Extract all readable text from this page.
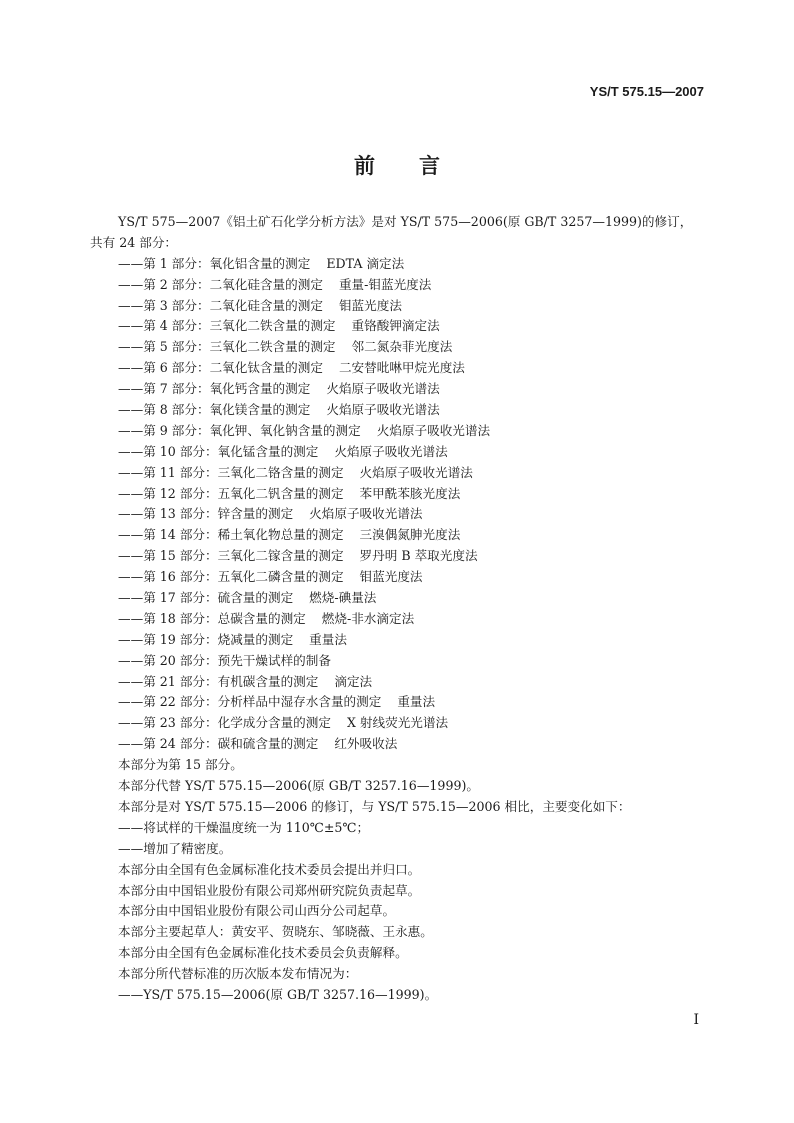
YS/T 575.15—2007
前 言
YS/T 575—2007《铝土矿石化学分析方法》是对 YS/T 575—2006(原 GB/T 3257—1999)的修订，
共有 24 部分：
——第 1 部分：氧化铝含量的测定 EDTA 滴定法
——第 2 部分：二氧化硅含量的测定 重量-钼蓝光度法
——第 3 部分：二氧化硅含量的测定 钼蓝光度法
——第 4 部分：三氧化二铁含量的测定 重铬酸钾滴定法
——第 5 部分：三氧化二铁含量的测定 邻二氮杂菲光度法
——第 6 部分：二氧化钛含量的测定 二安替吡啉甲烷光度法
——第 7 部分：氧化钙含量的测定 火焰原子吸收光谱法
——第 8 部分：氧化镁含量的测定 火焰原子吸收光谱法
——第 9 部分：氧化钾、氧化钠含量的测定 火焰原子吸收光谱法
——第 10 部分：氧化锰含量的测定 火焰原子吸收光谱法
——第 11 部分：三氧化二铬含量的测定 火焰原子吸收光谱法
——第 12 部分：五氧化二钒含量的测定 苯甲酰苯胲光度法
——第 13 部分：锌含量的测定 火焰原子吸收光谱法
——第 14 部分：稀土氧化物总量的测定 三溴偶氮胂光度法
——第 15 部分：三氧化二镓含量的测定 罗丹明 B 萃取光度法
——第 16 部分：五氧化二磷含量的测定 钼蓝光度法
——第 17 部分：硫含量的测定 燃烧-碘量法
——第 18 部分：总碳含量的测定 燃烧-非水滴定法
——第 19 部分：烧减量的测定 重量法
——第 20 部分：预先干燥试样的制备
——第 21 部分：有机碳含量的测定 滴定法
——第 22 部分：分析样品中湿存水含量的测定 重量法
——第 23 部分：化学成分含量的测定 X 射线荧光光谱法
——第 24 部分：碳和硫含量的测定 红外吸收法
本部分为第 15 部分。
本部分代替 YS/T 575.15—2006(原 GB/T 3257.16—1999)。
本部分是对 YS/T 575.15—2006 的修订，与 YS/T 575.15—2006 相比，主要变化如下：
——将试样的干燥温度统一为 110℃±5℃；
——增加了精密度。
本部分由全国有色金属标准化技术委员会提出并归口。
本部分由中国铝业股份有限公司郑州研究院负责起草。
本部分由中国铝业股份有限公司山西分公司起草。
本部分主要起草人：黄安平、贺晓东、邹晓薇、王永惠。
本部分由全国有色金属标准化技术委员会负责解释。
本部分所代替标准的历次版本发布情况为：
——YS/T 575.15—2006(原 GB/T 3257.16—1999)。
I
